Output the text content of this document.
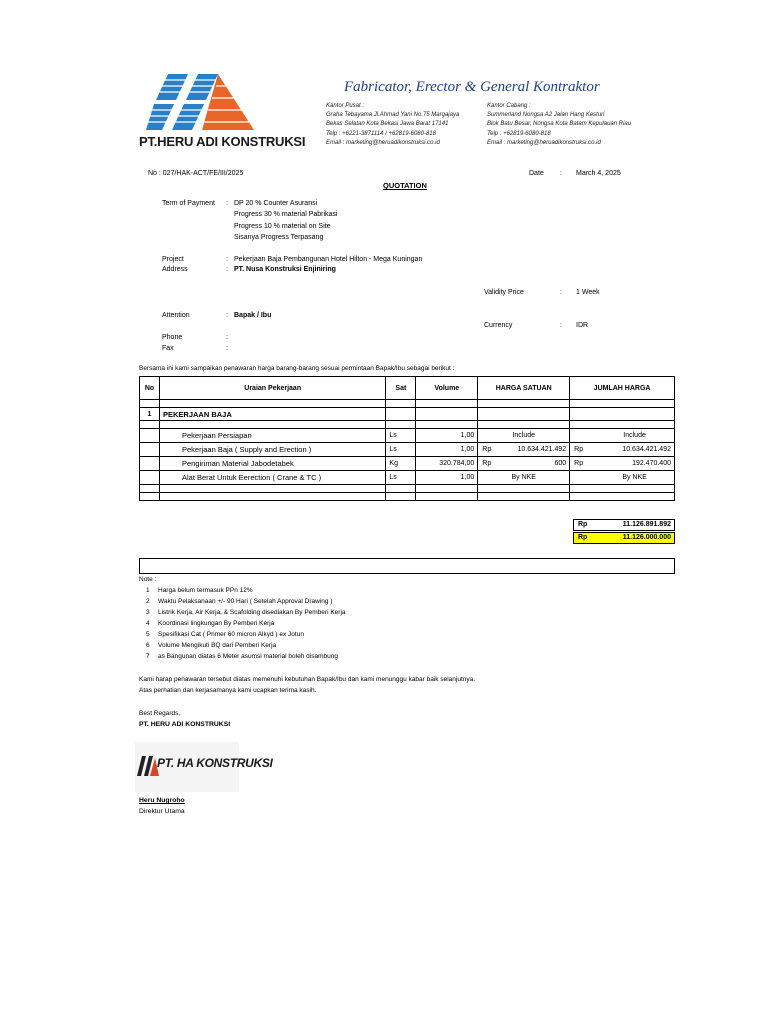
PT.HERU ADI KONSTRUKSI
Fabricator, Erector & General Kontraktor
Kantor Pusat :
Graha Tebayama Jl.Ahmad Yani No.75 Margajaya
Bekas Selatan Kota Bekasi Jawa Barat 17141
Telp : +6221-3871114 / +62819-6080-818
Email : marketing@heruadikonstruksi.co.id
Kantor Cabang :
Summerland Nongsa A2 Jalan Hang Kesturi
Blok Batu Besar, Nongsa Kota Batam Kepulauan Riau
Telp : +62819-6080-818
Email : marketing@heruadikonstruksi.co.id
No : 027/HAK-ACT/FE/III/2025	Date : March 4, 2025
QUOTATION
Term of Payment : DP 20 % Counter Asuransi
Progress 30 % material Pabrikasi
Progress 10 % material on Site
Sisanya Progress Terpasang
Project	: Pekerjaan Baja Pembangunan Hotel Hilton - Mega Kuningan
Address	: PT. Nusa Konstruksi Enjiniring
Validity Price	: 1 Week
Attention	: Bapak / Ibu
Currency	: IDR
Phone	:
Fax	:
Bersama ini kami sampaikan penawaran harga barang-barang sesuai permintaan Bapak/Ibu sebagai berikut :
No	Uraian Pekerjaan	Sat	Volume	HARGA SATUAN	JUMLAH HARGA

1	PEKERJAAN BAJA				

	Pekerjaan Persiapan	Ls	1,00	Include	Include
	Pekerjaan Baja ( Supply and Erection )	Ls	1,00	Rp 10.634.421.492	Rp 10.634.421.492

	Pengiriman Material Jabodetabek	Kg	320.784,00	Rp 600	Rp 192.470.400

	Alat Berat Untuk Eerection ( Crane & TC )	Ls	1,00	By NKE	By NKE

Rp	11.126.891.892
Rp	11.126.000.000
Note :
1 Harga belum termasuk PPn 12%
2 Waktu Pelaksanaan +/- 90 Hari ( Setelah Approval Drawing )
3 Listrik Kerja, Air Kerja, & Scafolding disediakan By Pemberi Kerja
4 Koordinasi lingkungan By Pemberi Kerja
5 Spesifikasi Cat ( Primer 60 micron Alkyd ) ex Jotun
6 Volume Mengikuti BQ dari Pemberi Kerja
7 as Bangunan diatas 6 Meter asumsi material boleh disambung
Kami harap penawaran tersebut diatas memenuhi kebutuhan Bapak/Ibu dan kami menunggu kabar baik selanjutnya.
Atas perhatian dan kerjasamanya kami ucapkan terima kasih.
Best Regards,
PT. HERU ADI KONSTRUKSI
PT. HA KONSTRUKSI
Heru Nugroho
Direktur Utama
